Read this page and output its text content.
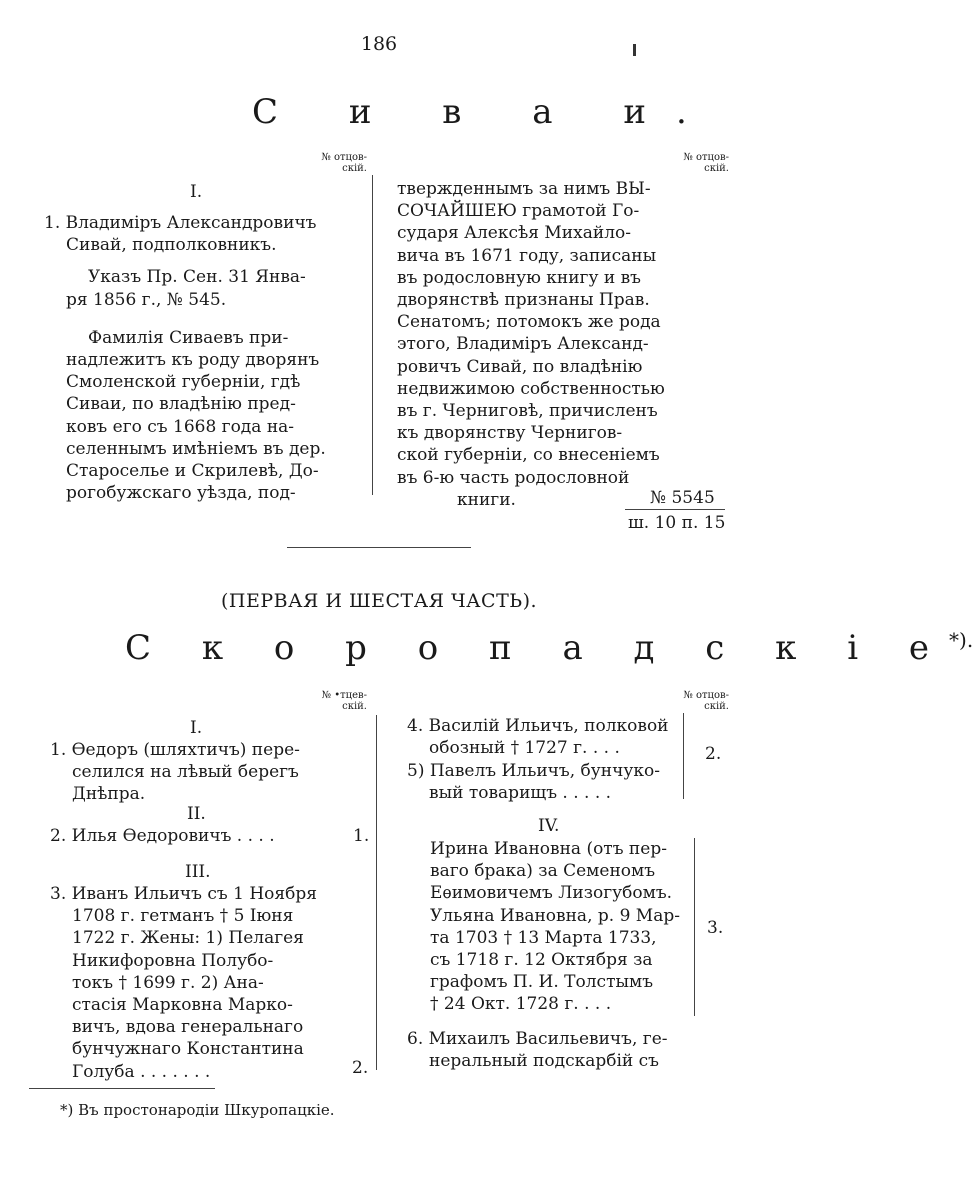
186
С и в а и.
№ отцов-
скій.
№ отцов-
скій.
I.
1. Владиміръ Александровичъ
Сивай, подполковникъ.
Указъ Пр. Сен. 31 Янва-
ря 1856 г., № 545.
Фамилія Сиваевъ при-
надлежитъ къ роду дворянъ
Смоленской губерніи, гдѣ
Сиваи, по владѣнію пред-
ковъ его съ 1668 года на-
селеннымъ имѣніемъ въ дер.
Староселье и Скрилевѣ, До-
рогобужскаго уѣзда, под-
твержденнымъ за нимъ ВЫ-
СОЧАЙШЕЮ грамотой Го-
сударя Алексѣя Михайло-
вича въ 1671 году, записаны
въ родословную книгу и въ
дворянствѣ признаны Прав.
Сенатомъ; потомокъ же рода
этого, Владиміръ Александ-
ровичъ Сивай, по владѣнію
недвижимою собственностью
въ г. Черниговѣ, причисленъ
къ дворянству Чернигов-
ской губерніи, со внесеніемъ
въ 6-ю часть родословной
книги.	№ 5545
ш. 10 п. 15
(ПЕРВАЯ И ШЕСТАЯ ЧАСТЬ).
С к о р о п а д с к і е*).
№ •тцев-
скій.
№ отцов-
скій.
I.
1. Ѳедоръ (шляхтичъ) пере-
селился на лѣвый берегъ
Днѣпра.
II.
2. Илья Ѳедоровичъ . . . .	1.
III.
3. Иванъ Ильичъ съ 1 Ноября
1708 г. гетманъ † 5 Іюня
1722 г. Жены: 1) Пелагея
Никифоровна Полубо-
токъ † 1699 г. 2) Ана-
стасія Марковна Марко-
вичъ, вдова генеральнаго
бунчужнаго Константина
Голуба . . . . . . .	2.
4. Василій Ильичъ, полковой
обозный † 1727 г. . . .
5) Павелъ Ильичъ, бунчуко-
вый товарищъ . . . . .
2.
IV.
Ирина Ивановна (отъ пер-
ваго брака) за Семеномъ
Еѳимовичемъ Лизогубомъ.
Ульяна Ивановна, р. 9 Мар-
та 1703 † 13 Марта 1733,
съ 1718 г. 12 Октября за
графомъ П. И. Толстымъ
† 24 Окт. 1728 г. . . .
3.
6. Михаилъ Васильевичъ, ге-
неральный подскарбій съ
*) Въ простонародіи Шкуропацкіе.
